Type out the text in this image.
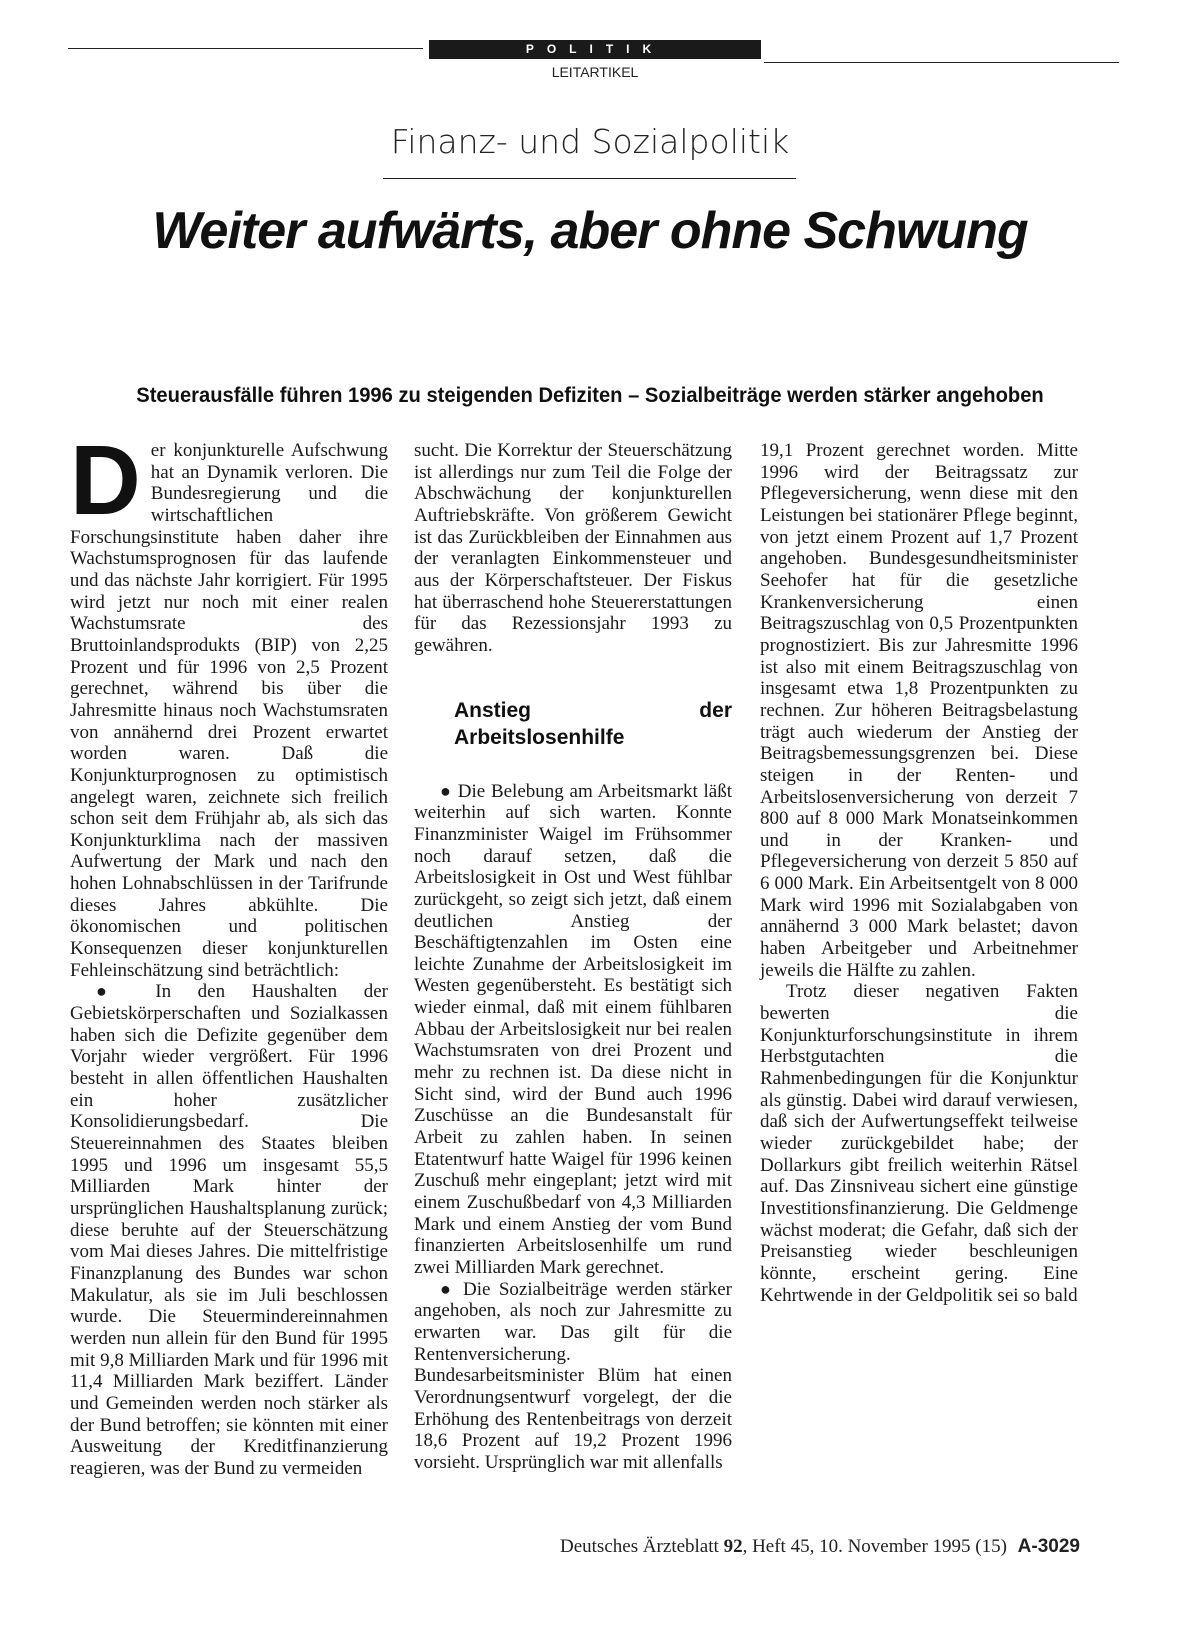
POLITIK
LEITARTIKEL
Finanz- und Sozialpolitik
Weiter aufwärts, aber ohne Schwung
Steuerausfälle führen 1996 zu steigenden Defiziten – Sozialbeiträge werden stärker angehoben

Der konjunkturelle Aufschwung hat an Dynamik verloren. Die Bundesregierung und die wirtschaftlichen Forschungsinstitute haben daher ihre Wachstumsprognosen für das laufende und das nächste Jahr korrigiert. Für 1995 wird jetzt nur noch mit einer realen Wachstumsrate des Bruttoinlandsprodukts (BIP) von 2,25 Prozent und für 1996 von 2,5 Prozent gerechnet, während bis über die Jahresmitte hinaus noch Wachstumsraten von annähernd drei Prozent erwartet worden waren. Daß die Konjunkturprognosen zu optimistisch angelegt waren, zeichnete sich freilich schon seit dem Frühjahr ab, als sich das Konjunkturklima nach der massiven Aufwertung der Mark und nach den hohen Lohnabschlüssen in der Tarifrunde dieses Jahres abkühlte. Die ökonomischen und politischen Konsequenzen dieser konjunkturellen Fehleinschätzung sind beträchtlich:

● In den Haushalten der Gebietskörperschaften und Sozialkassen haben sich die Defizite gegenüber dem Vorjahr wieder vergrößert. Für 1996 besteht in allen öffentlichen Haushalten ein hoher zusätzlicher Konsolidierungsbedarf. Die Steuereinnahmen des Staates bleiben 1995 und 1996 um insgesamt 55,5 Milliarden Mark hinter der ursprünglichen Haushaltsplanung zurück; diese beruhte auf der Steuerschätzung vom Mai dieses Jahres. Die mittelfristige Finanzplanung des Bundes war schon Makulatur, als sie im Juli beschlossen wurde. Die Steuermindereinnahmen werden nun allein für den Bund für 1995 mit 9,8 Milliarden Mark und für 1996 mit 11,4 Milliarden Mark beziffert. Länder und Gemeinden werden noch stärker als der Bund betroffen; sie könnten mit einer Ausweitung der Kreditfinanzierung reagieren, was der Bund zu vermeiden

sucht. Die Korrektur der Steuerschätzung ist allerdings nur zum Teil die Folge der Abschwächung der konjunkturellen Auftriebskräfte. Von größerem Gewicht ist das Zurückbleiben der Einnahmen aus der veranlagten Einkommensteuer und aus der Körperschaftsteuer. Der Fiskus hat überraschend hohe Steuererstattungen für das Rezessionsjahr 1993 zu gewähren.

Anstieg der Arbeitslosenhilfe

● Die Belebung am Arbeitsmarkt läßt weiterhin auf sich warten. Konnte Finanzminister Waigel im Frühsommer noch darauf setzen, daß die Arbeitslosigkeit in Ost und West fühlbar zurückgeht, so zeigt sich jetzt, daß einem deutlichen Anstieg der Beschäftigtenzahlen im Osten eine leichte Zunahme der Arbeitslosigkeit im Westen gegenübersteht. Es bestätigt sich wieder einmal, daß mit einem fühlbaren Abbau der Arbeitslosigkeit nur bei realen Wachstumsraten von drei Prozent und mehr zu rechnen ist. Da diese nicht in Sicht sind, wird der Bund auch 1996 Zuschüsse an die Bundesanstalt für Arbeit zu zahlen haben. In seinen Etatentwurf hatte Waigel für 1996 keinen Zuschuß mehr eingeplant; jetzt wird mit einem Zuschußbedarf von 4,3 Milliarden Mark und einem Anstieg der vom Bund finanzierten Arbeitslosenhilfe um rund zwei Milliarden Mark gerechnet.

● Die Sozialbeiträge werden stärker angehoben, als noch zur Jahresmitte zu erwarten war. Das gilt für die Rentenversicherung. Bundesarbeitsminister Blüm hat einen Verordnungsentwurf vorgelegt, der die Erhöhung des Rentenbeitrags von derzeit 18,6 Prozent auf 19,2 Prozent 1996 vorsieht. Ursprünglich war mit allenfalls

19,1 Prozent gerechnet worden. Mitte 1996 wird der Beitragssatz zur Pflegeversicherung, wenn diese mit den Leistungen bei stationärer Pflege beginnt, von jetzt einem Prozent auf 1,7 Prozent angehoben. Bundesgesundheitsminister Seehofer hat für die gesetzliche Krankenversicherung einen Beitragszuschlag von 0,5 Prozentpunkten prognostiziert. Bis zur Jahresmitte 1996 ist also mit einem Beitragszuschlag von insgesamt etwa 1,8 Prozentpunkten zu rechnen. Zur höheren Beitragsbelastung trägt auch wiederum der Anstieg der Beitragsbemessungsgrenzen bei. Diese steigen in der Renten- und Arbeitslosenversicherung von derzeit 7 800 auf 8 000 Mark Monatseinkommen und in der Kranken- und Pflegeversicherung von derzeit 5 850 auf 6 000 Mark. Ein Arbeitsentgelt von 8 000 Mark wird 1996 mit Sozialabgaben von annähernd 3 000 Mark belastet; davon haben Arbeitgeber und Arbeitnehmer jeweils die Hälfte zu zahlen.

Trotz dieser negativen Fakten bewerten die Konjunkturforschungsinstitute in ihrem Herbstgutachten die Rahmenbedingungen für die Konjunktur als günstig. Dabei wird darauf verwiesen, daß sich der Aufwertungseffekt teilweise wieder zurückgebildet habe; der Dollarkurs gibt freilich weiterhin Rätsel auf. Das Zinsniveau sichert eine günstige Investitionsfinanzierung. Die Geldmenge wächst moderat; die Gefahr, daß sich der Preisanstieg wieder beschleunigen könnte, erscheint gering. Eine Kehrtwende in der Geldpolitik sei so bald

Deutsches Ärzteblatt 92, Heft 45, 10. November 1995 (15) A-3029
